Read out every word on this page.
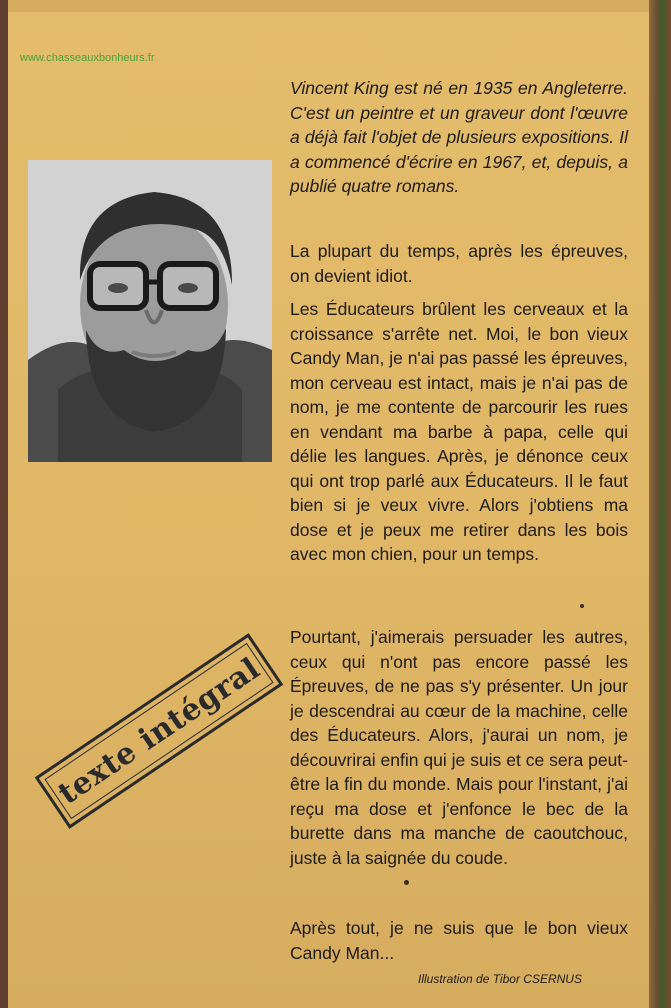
www.chasseauxbonheurs.fr
texte intégral
Vincent King est né en 1935 en Angleterre. C'est un peintre et un graveur dont l'œuvre a déjà fait l'objet de plusieurs expositions. Il a commencé d'écrire en 1967, et, depuis, a publié quatre romans.
La plupart du temps, après les épreuves, on devient idiot.
Les Éducateurs brûlent les cerveaux et la croissance s'arrête net. Moi, le bon vieux Candy Man, je n'ai pas passé les épreuves, mon cerveau est intact, mais je n'ai pas de nom, je me contente de parcourir les rues en vendant ma barbe à papa, celle qui délie les langues. Après, je dénonce ceux qui ont trop parlé aux Éducateurs. Il le faut bien si je veux vivre. Alors j'obtiens ma dose et je peux me retirer dans les bois avec mon chien, pour un temps.
Pourtant, j'aimerais persuader les autres, ceux qui n'ont pas encore passé les Épreuves, de ne pas s'y présenter. Un jour je descendrai au cœur de la machine, celle des Éducateurs. Alors, j'aurai un nom, je découvrirai enfin qui je suis et ce sera peut-être la fin du monde. Mais pour l'instant, j'ai reçu ma dose et j'enfonce le bec de la burette dans ma manche de caoutchouc, juste à la saignée du coude.
Après tout, je ne suis que le bon vieux Candy Man...
Illustration de Tibor CSERNUS
